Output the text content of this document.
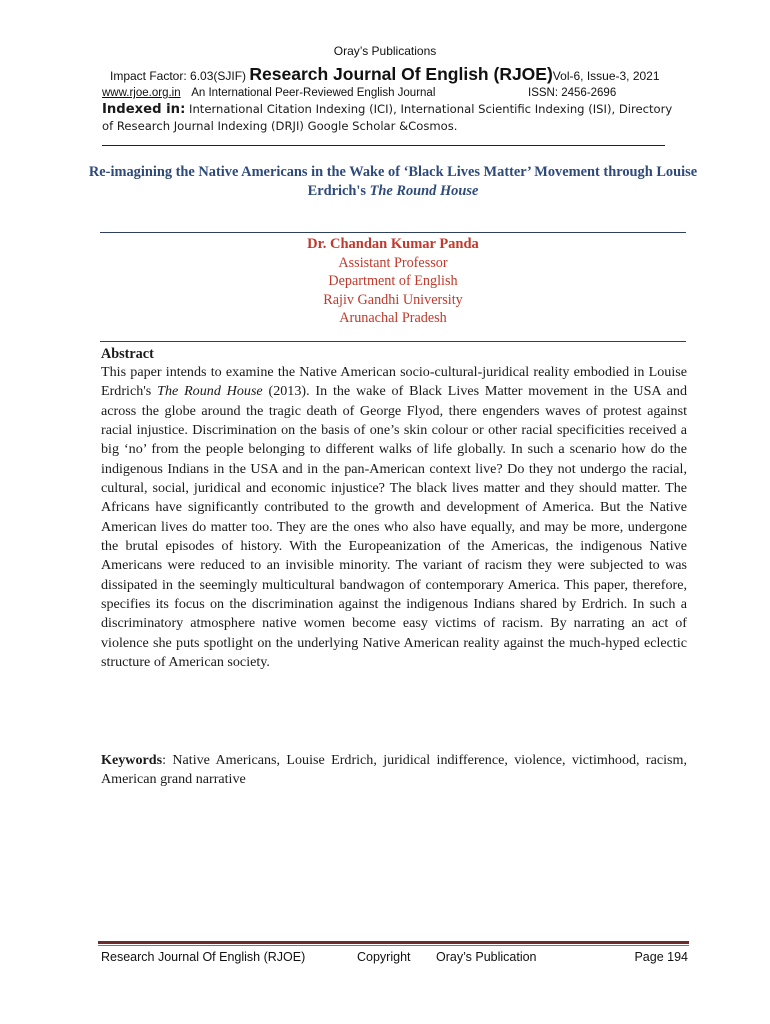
Oray’s Publications
Impact Factor: 6.03(SJIF) Research Journal Of English (RJOE)Vol-6, Issue-3, 2021
www.rjoe.org.in An International Peer-Reviewed English Journal	ISSN: 2456-2696
Indexed in: International Citation Indexing (ICI), International Scientific Indexing (ISI), Directory of Research Journal Indexing (DRJI) Google Scholar &Cosmos.
Re-imagining the Native Americans in the Wake of ‘Black Lives Matter’ Movement through Louise Erdrich's The Round House
Dr. Chandan Kumar Panda
Assistant Professor
Department of English
Rajiv Gandhi University
Arunachal Pradesh
Abstract

This paper intends to examine the Native American socio-cultural-juridical reality embodied in Louise Erdrich's The Round House (2013). In the wake of Black Lives Matter movement in the USA and across the globe around the tragic death of George Flyod, there engenders waves of protest against racial injustice. Discrimination on the basis of one’s skin colour or other racial specificities received a big ‘no’ from the people belonging to different walks of life globally. In such a scenario how do the indigenous Indians in the USA and in the pan-American context live? Do they not undergo the racial, cultural, social, juridical and economic injustice? The black lives matter and they should matter. The Africans have significantly contributed to the growth and development of America. But the Native American lives do matter too. They are the ones who also have equally, and may be more, undergone the brutal episodes of history. With the Europeanization of the Americas, the indigenous Native Americans were reduced to an invisible minority. The variant of racism they were subjected to was dissipated in the seemingly multicultural bandwagon of contemporary America. This paper, therefore, specifies its focus on the discrimination against the indigenous Indians shared by Erdrich. In such a discriminatory atmosphere native women become easy victims of racism. By narrating an act of violence she puts spotlight on the underlying Native American reality against the much-hyped eclectic structure of American society.

Keywords: Native Americans, Louise Erdrich, juridical indifference, violence, victimhood, racism, American grand narrative

Research Journal Of English (RJOE)	Copyright Oray’s Publication	Page 194
